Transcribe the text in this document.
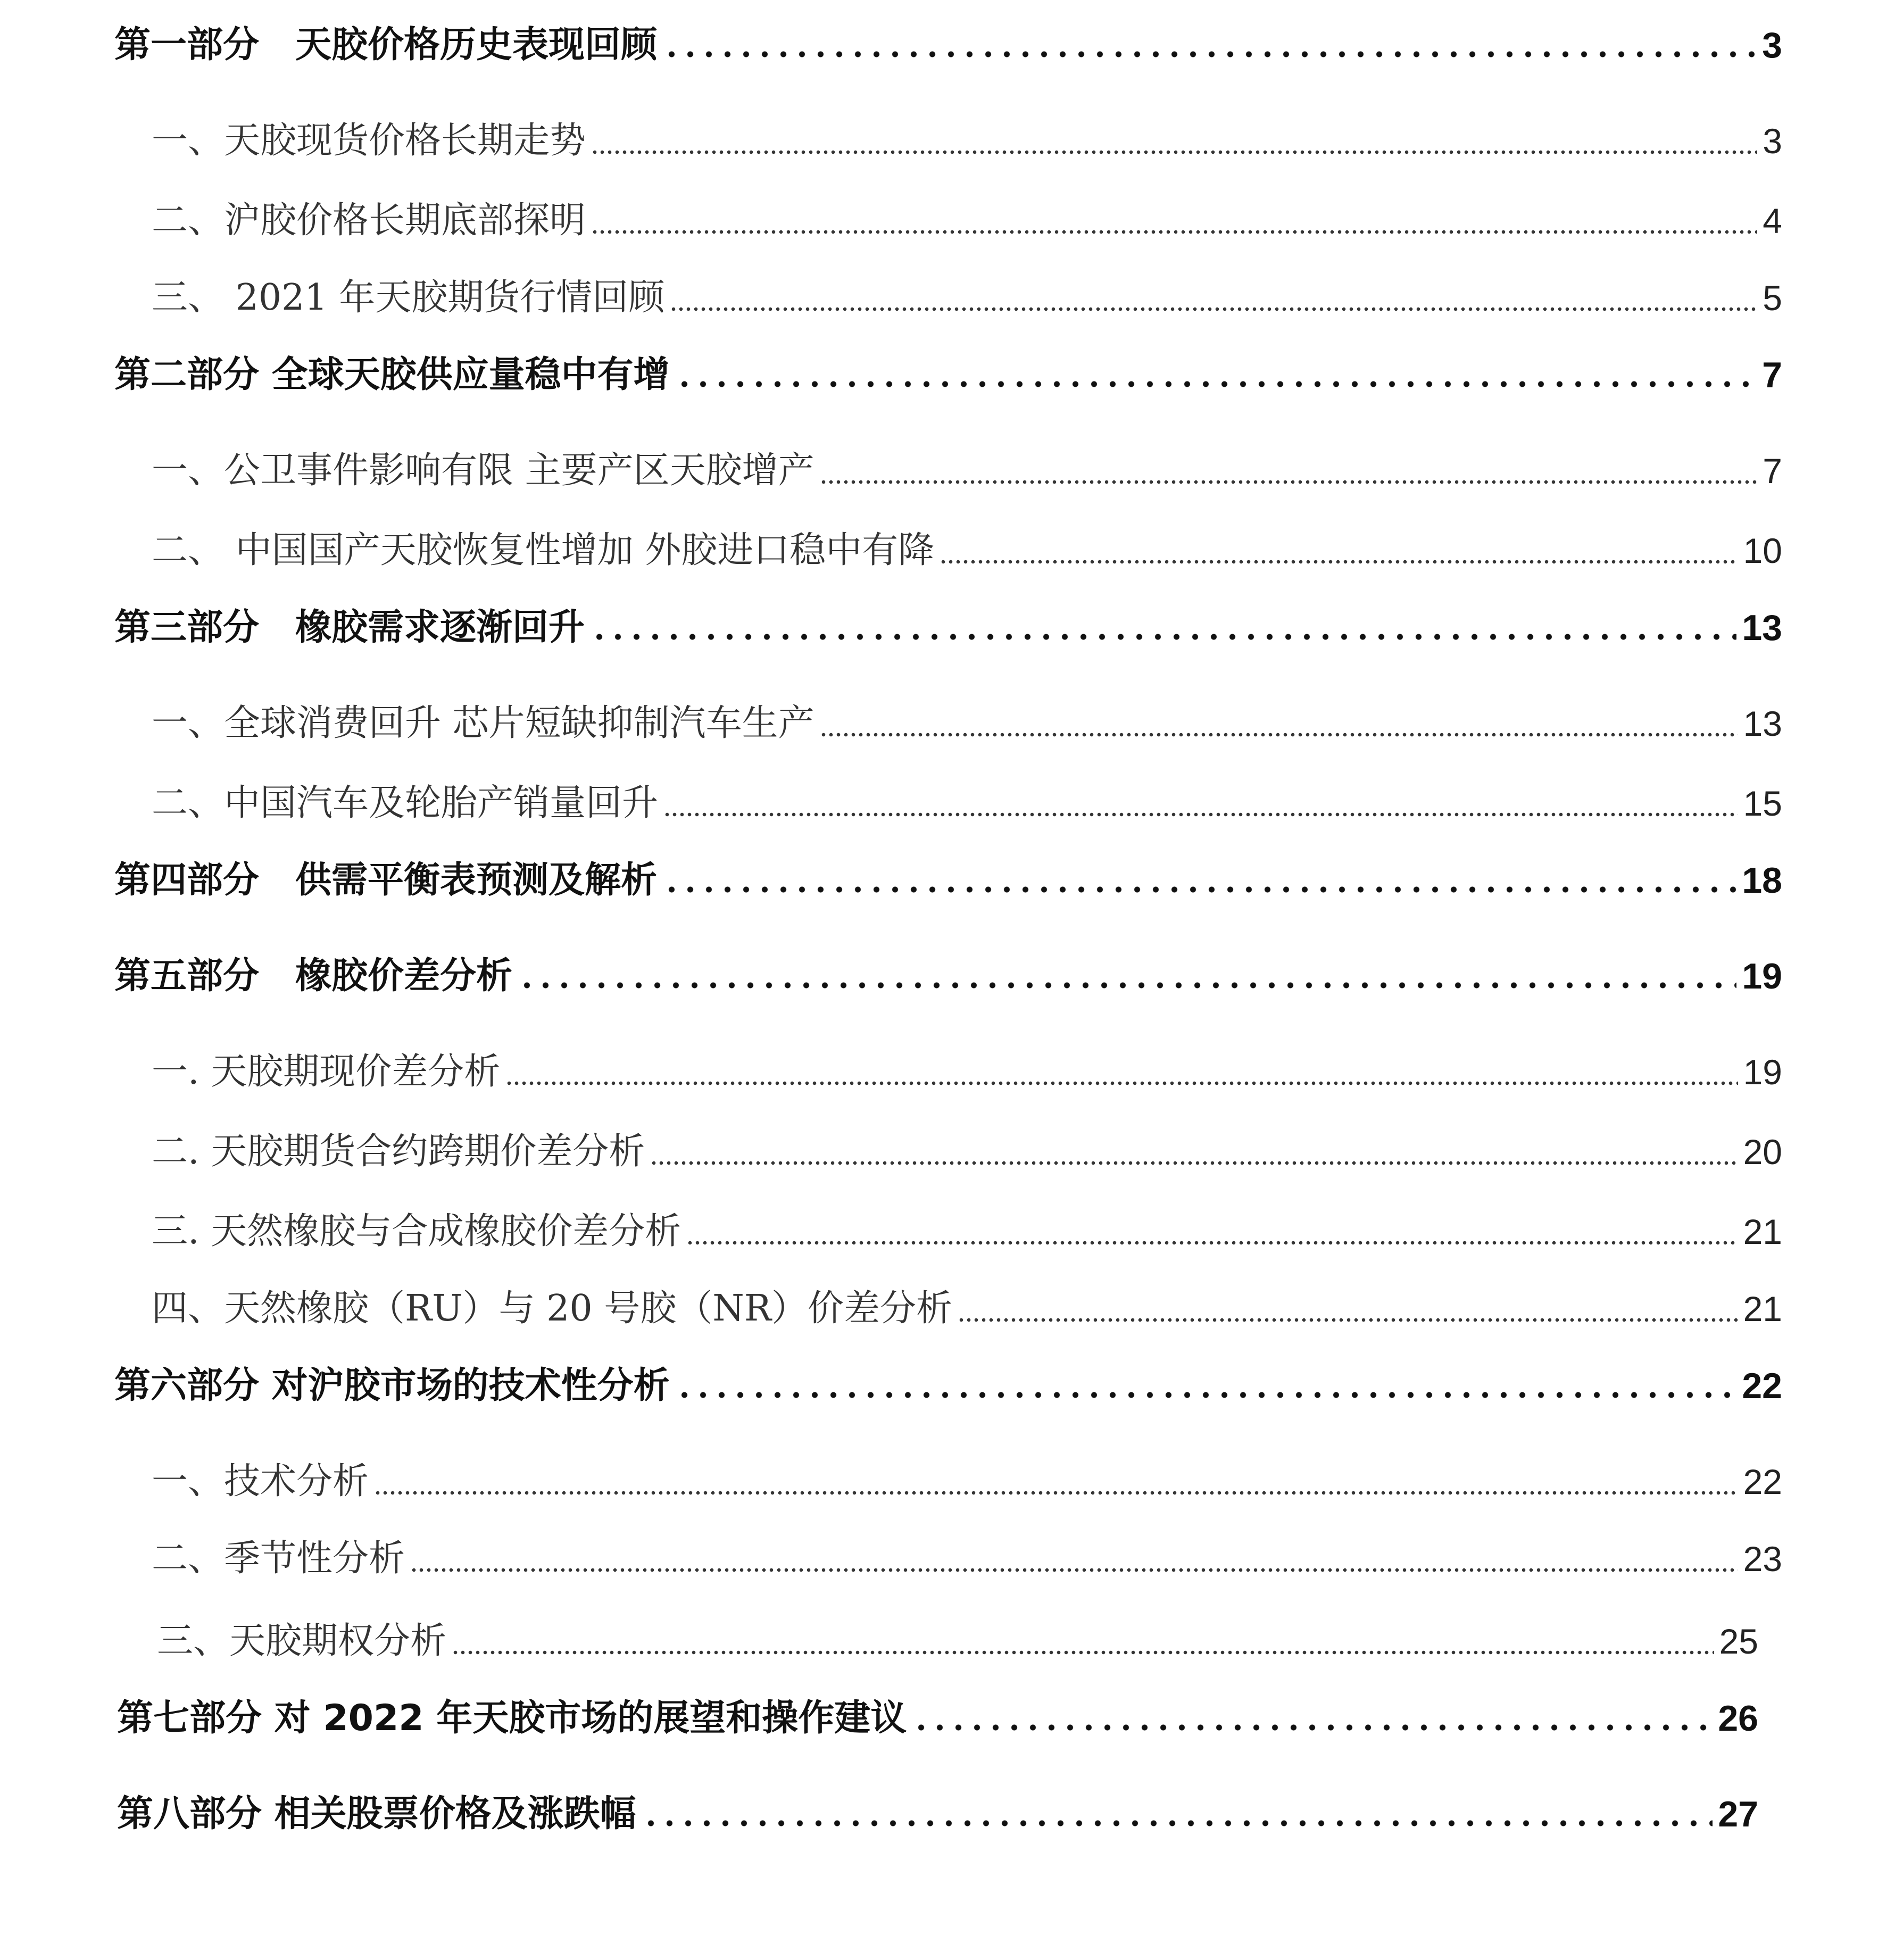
第一部分　天胶价格历史表现回顾	3
一、天胶现货价格长期走势	3
二、沪胶价格长期底部探明	4
三、 2021 年天胶期货行情回顾	5
第二部分 全球天胶供应量稳中有增	7
一、公卫事件影响有限 主要产区天胶增产	7
二、 中国国产天胶恢复性增加 外胶进口稳中有降	10
第三部分　橡胶需求逐渐回升	13
一、全球消费回升 芯片短缺抑制汽车生产	13
二、中国汽车及轮胎产销量回升	15
第四部分　供需平衡表预测及解析	18
第五部分　橡胶价差分析	19
一. 天胶期现价差分析	19
二. 天胶期货合约跨期价差分析	20
三. 天然橡胶与合成橡胶价差分析	21
四、天然橡胶（RU）与 20 号胶（NR）价差分析	21
第六部分 对沪胶市场的技术性分析	22
一、技术分析	22
二、季节性分析	23
三、天胶期权分析	25
第七部分 对 2022 年天胶市场的展望和操作建议	26
第八部分 相关股票价格及涨跌幅	27
